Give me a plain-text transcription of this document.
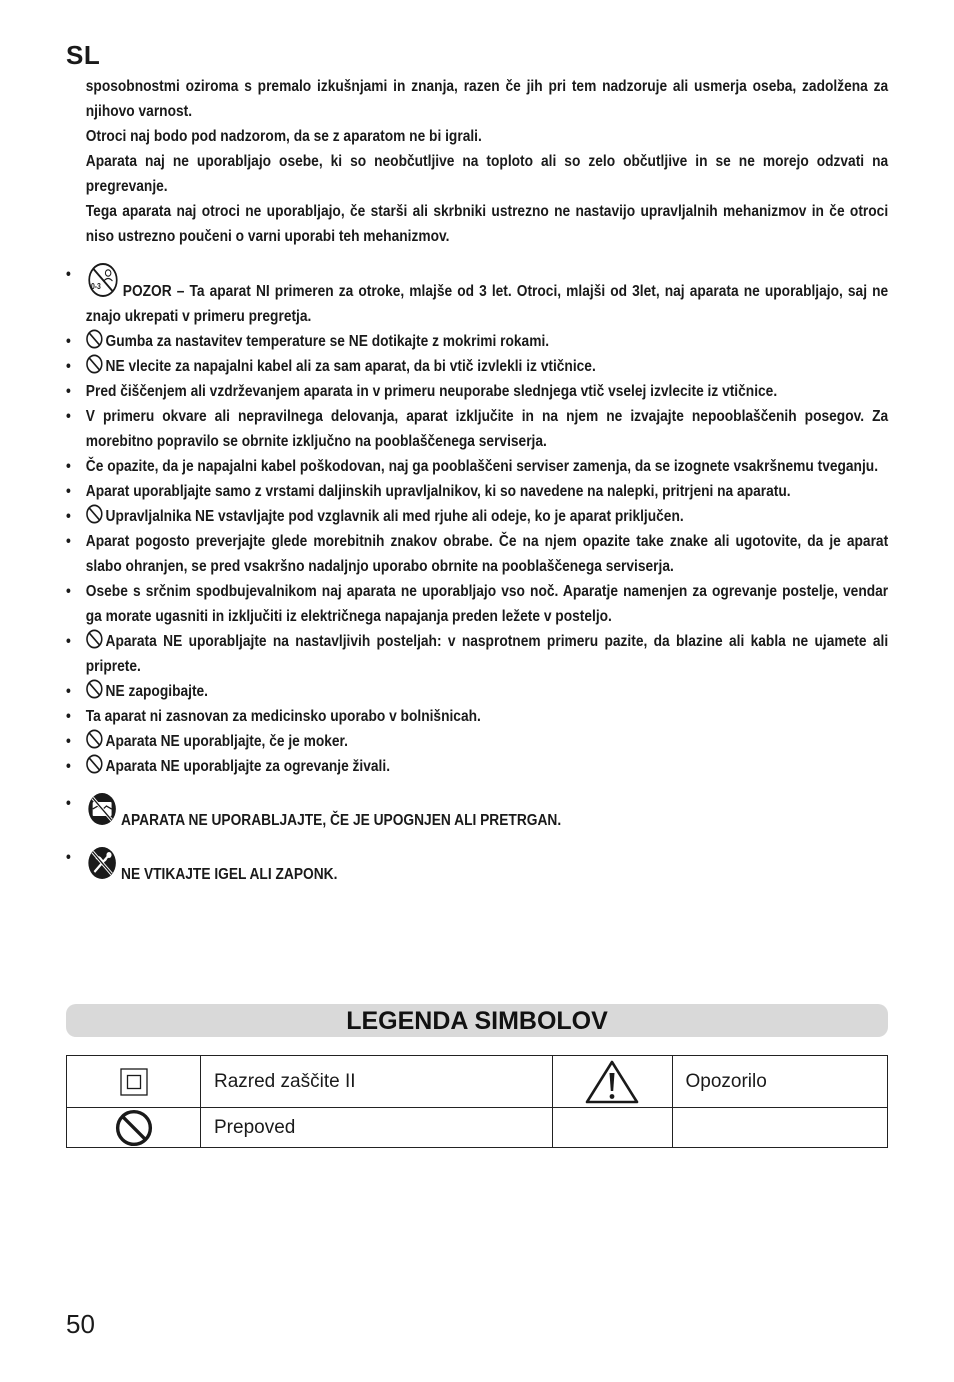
SL

sposobnostmi oziroma s premalo izkušnjami in znanja, razen če jih pri tem nadzoruje ali usmerja oseba, zadolžena za njihovo varnost.

Otroci naj bodo pod nadzorom, da se z aparatom ne bi igrali.

Aparata naj ne uporabljajo osebe, ki so neobčutljive na toploto ali so zelo občutljive in se ne morejo odzvati na pregrevanje.

Tega aparata naj otroci ne uporabljajo, če starši ali skrbniki ustrezno ne nastavijo upravljalnih mehanizmov in če otroci niso ustrezno poučeni o varni uporabi teh mehanizmov.

• 0-3 POZOR – Ta aparat NI primeren za otroke, mlajše od 3 let. Otroci, mlajši od 3let, naj aparata ne uporabljajo, saj ne znajo ukrepati v primeru pregretja.
• Gumba za nastavitev temperature se NE dotikajte z mokrimi rokami.
• NE vlecite za napajalni kabel ali za sam aparat, da bi vtič izvlekli iz vtičnice.
• Pred čiščenjem ali vzdrževanjem aparata in v primeru neuporabe slednjega vtič vselej izvlecite iz vtičnice.
• V primeru okvare ali nepravilnega delovanja, aparat izključite in na njem ne izvajajte nepooblaščenih posegov. Za morebitno popravilo se obrnite izključno na pooblaščenega serviserja.
• Če opazite, da je napajalni kabel poškodovan, naj ga pooblaščeni serviser zamenja, da se izognete vsakršnemu tveganju.
• Aparat uporabljajte samo z vrstami daljinskih upravljalnikov, ki so navedene na nalepki, pritrjeni na aparatu.
• Upravljalnika NE vstavljajte pod vzglavnik ali med rjuhe ali odeje, ko je aparat priključen.
• Aparat pogosto preverjajte glede morebitnih znakov obrabe. Če na njem opazite take znake ali ugotovite, da je aparat slabo ohranjen, se pred vsakršno nadaljnjo uporabo obrnite na pooblaščenega serviserja.
• Osebe s srčnim spodbujevalnikom naj aparata ne uporabljajo vso noč. Aparatje namenjen za ogrevanje postelje, vendar ga morate ugasniti in izključiti iz električnega napajanja preden ležete v posteljo.
• Aparata NE uporabljajte na nastavljivih posteljah: v nasprotnem primeru pazite, da blazine ali kabla ne ujamete ali priprete.
• NE zapogibajte.
• Ta aparat ni zasnovan za medicinsko uporabo v bolnišnicah.
• Aparata NE uporabljajte, če je moker.
• Aparata NE uporabljajte za ogrevanje živali.
• APARATA NE UPORABLJAJTE, ČE JE UPOGNJEN ALI PRETRGAN.
• NE VTIKAJTE IGEL ALI ZAPONK.
LEGENDA SIMBOLOV
	Razred zaščite II		Opozorilo
	Prepoved		
50
